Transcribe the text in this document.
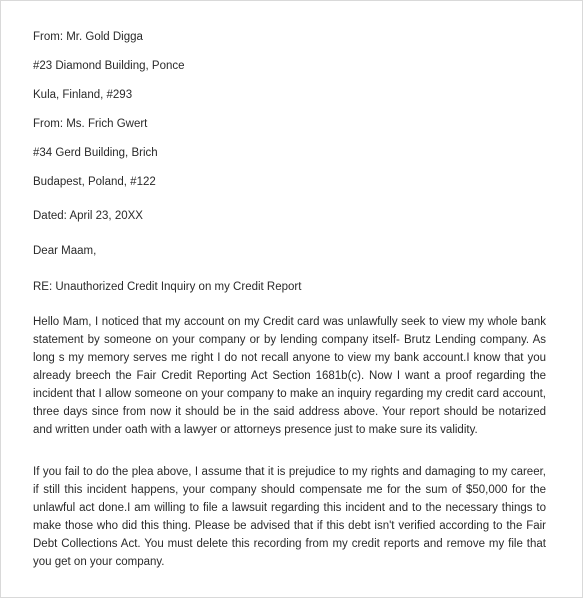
From: Mr. Gold Digga
#23 Diamond Building, Ponce
Kula, Finland, #293
From: Ms. Frich Gwert
#34 Gerd Building, Brich
Budapest, Poland, #122
Dated: April 23, 20XX
Dear Maam,
RE: Unauthorized Credit Inquiry on my Credit Report
Hello Mam, I noticed that my account on my Credit card was unlawfully seek to view my whole bank statement by someone on your company or by lending company itself- Brutz Lending company. As long s my memory serves me right I do not recall anyone to view my bank account.I know that you already breech the Fair Credit Reporting Act Section 1681b(c). Now I want a proof regarding the incident that I allow someone on your company to make an inquiry regarding my credit card account, three days since from now it should be in the said address above. Your report should be notarized and written under oath with a lawyer or attorneys presence just to make sure its validity.
If you fail to do the plea above, I assume that it is prejudice to my rights and damaging to my career, if still this incident happens, your company should compensate me for the sum of $50,000 for the unlawful act done.I am willing to file a lawsuit regarding this incident and to the necessary things to make those who did this thing. Please be advised that if this debt isn't verified according to the Fair Debt Collections Act. You must delete this recording from my credit reports and remove my file that you get on your company.
